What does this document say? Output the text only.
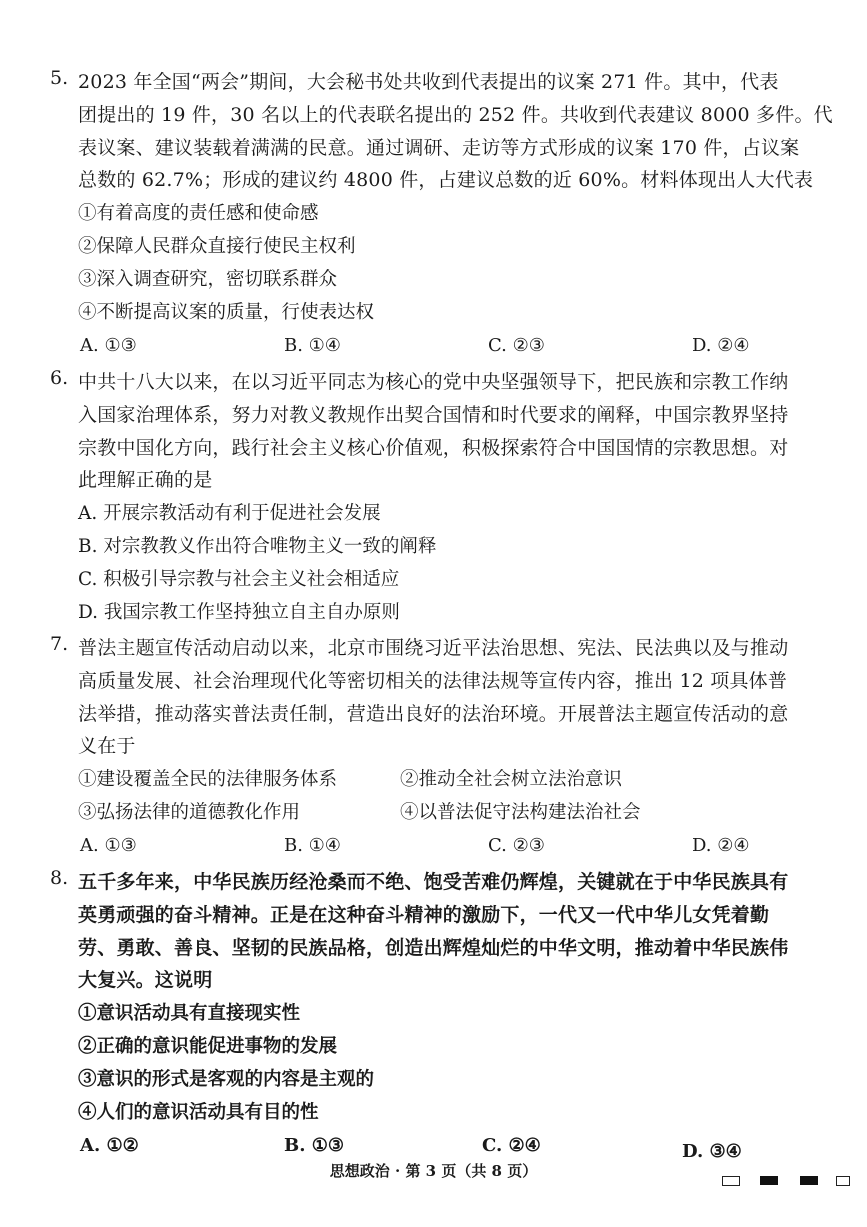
5. 2023 年全国“两会”期间，大会秘书处共收到代表提出的议案 271 件。其中，代表
团提出的 19 件，30 名以上的代表联名提出的 252 件。共收到代表建议 8000 多件。代
表议案、建议装载着满满的民意。通过调研、走访等方式形成的议案 170 件，占议案
总数的 62.7%；形成的建议约 4800 件，占建议总数的近 60%。材料体现出人大代表
①有着高度的责任感和使命感
②保障人民群众直接行使民主权利
③深入调查研究，密切联系群众
④不断提高议案的质量，行使表达权
A. ①③	B. ①④	C. ②③	D. ②④
6. 中共十八大以来，在以习近平同志为核心的党中央坚强领导下，把民族和宗教工作纳
入国家治理体系，努力对教义教规作出契合国情和时代要求的阐释，中国宗教界坚持
宗教中国化方向，践行社会主义核心价值观，积极探索符合中国国情的宗教思想。对
此理解正确的是
A. 开展宗教活动有利于促进社会发展
B. 对宗教教义作出符合唯物主义一致的阐释
C. 积极引导宗教与社会主义社会相适应
D. 我国宗教工作坚持独立自主自办原则
7. 普法主题宣传活动启动以来，北京市围绕习近平法治思想、宪法、民法典以及与推动
高质量发展、社会治理现代化等密切相关的法律法规等宣传内容，推出 12 项具体普
法举措，推动落实普法责任制，营造出良好的法治环境。开展普法主题宣传活动的意
义在于
①建设覆盖全民的法律服务体系	②推动全社会树立法治意识
③弘扬法律的道德教化作用	④以普法促守法构建法治社会
A. ①③	B. ①④	C. ②③	D. ②④
8. 五千多年来，中华民族历经沧桑而不绝、饱受苦难仍辉煌，关键就在于中华民族具有
英勇顽强的奋斗精神。正是在这种奋斗精神的激励下，一代又一代中华儿女凭着勤
劳、勇敢、善良、坚韧的民族品格，创造出辉煌灿烂的中华文明，推动着中华民族伟
大复兴。这说明
①意识活动具有直接现实性
②正确的意识能促进事物的发展
③意识的形式是客观的内容是主观的
④人们的意识活动具有目的性
A. ①②	B. ①③	C. ②④	D. ③④
思想政治 · 第 3 页（共 8 页）
